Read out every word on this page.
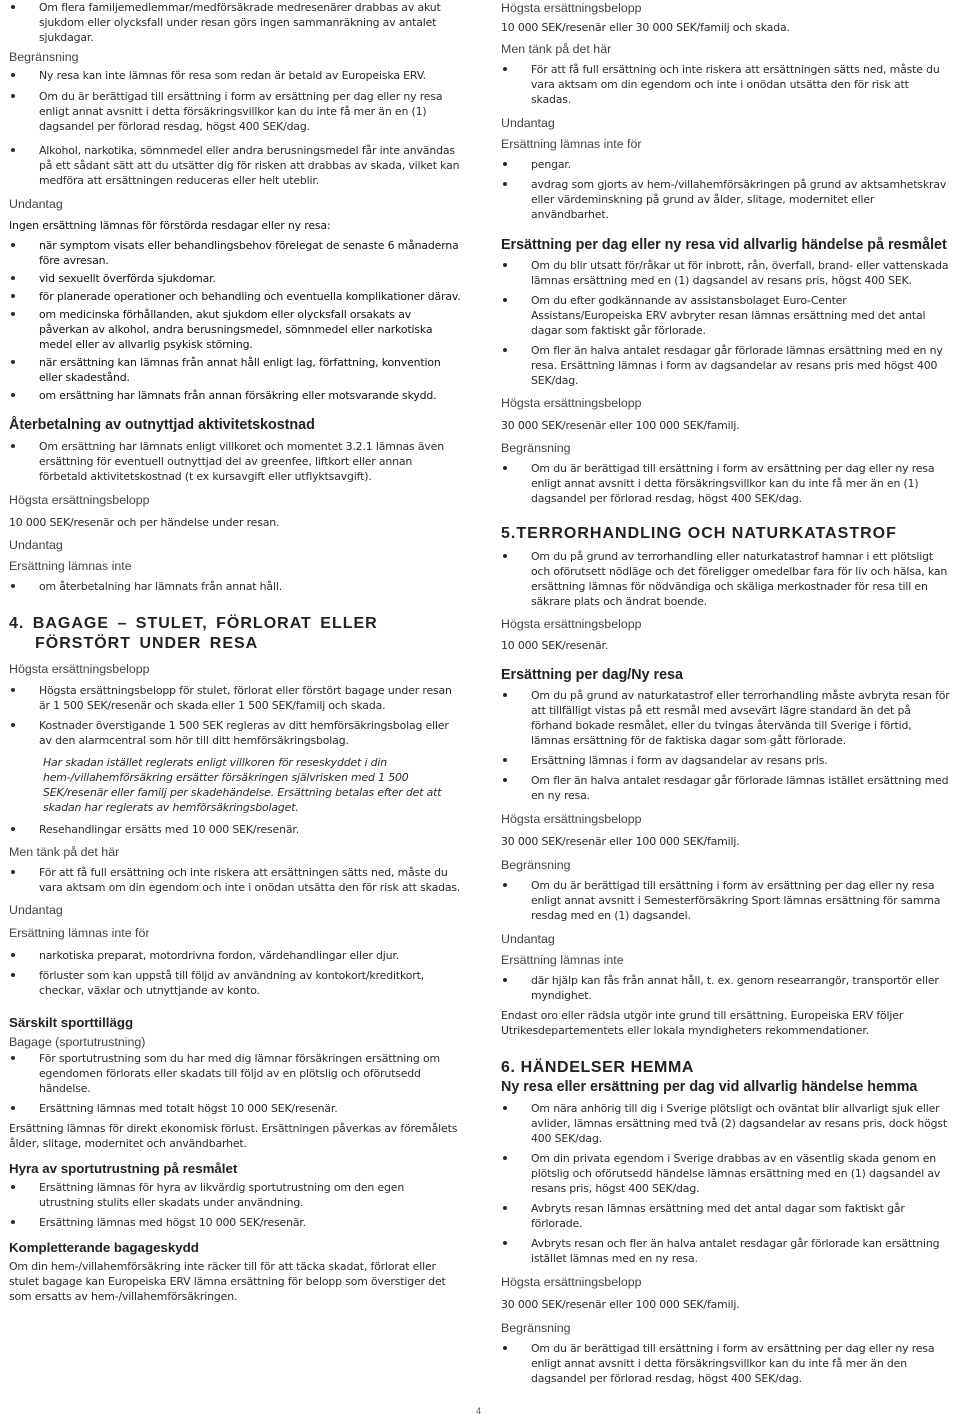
Om flera familjemedlemmar/medförsäkrade medresenärer drabbas av akut sjukdom eller olycksfall under resan görs ingen sammanräkning av antalet sjukdagar.

Begränsning

Ny resa kan inte lämnas för resa som redan är betald av Europeiska ERV.
Om du är berättigad till ersättning i form av ersättning per dag eller ny resa enligt annat avsnitt i detta försäkringsvillkor kan du inte få mer än en (1) dagsandel per förlorad resdag, högst 400 SEK/dag.
Alkohol, narkotika, sömnmedel eller andra berusningsmedel får inte användas på ett sådant sätt att du utsätter dig för risken att drabbas av skada, vilket kan medföra att ersättningen reduceras eller helt uteblir.

Undantag

Ingen ersättning lämnas för förstörda resdagar eller ny resa:

när symptom visats eller behandlingsbehov förelegat de senaste 6 månaderna före avresan.
vid sexuellt överförda sjukdomar.
för planerade operationer och behandling och eventuella komplikationer därav.
om medicinska förhållanden, akut sjukdom eller olycksfall orsakats av påverkan av alkohol, andra berusningsmedel, sömnmedel eller narkotiska medel eller av allvarlig psykisk störning.
när ersättning kan lämnas från annat håll enligt lag, författning, konvention eller skadestånd.
om ersättning har lämnats från annan försäkring eller motsvarande skydd.

Återbetalning av outnyttjad aktivitetskostnad

Om ersättning har lämnats enligt villkoret och momentet 3.2.1 lämnas även ersättning för eventuell outnyttjad del av greenfee, liftkort eller annan förbetald aktivitetskostnad (t ex kursavgift eller utflyktsavgift).

Högsta ersättningsbelopp

10 000 SEK/resenär och per händelse under resan.

Undantag

Ersättning lämnas inte

om återbetalning har lämnats från annat håll.

4. BAGAGE – STULET, FÖRLORAT ELLER FÖRSTÖRT UNDER RESA

Högsta ersättningsbelopp

Högsta ersättningsbelopp för stulet, förlorat eller förstört bagage under resan är 1 500 SEK/resenär och skada eller 1 500 SEK/familj och skada.
Kostnader överstigande 1 500 SEK regleras av ditt hemförsäkringsbolag eller av den alarmcentral som hör till ditt hemförsäkringsbolag.

Har skadan istället reglerats enligt villkoren för reseskyddet i din hem-/villahemförsäkring ersätter försäkringen självrisken med 1 500 SEK/resenär eller familj per skadehändelse. Ersättning betalas efter det att skadan har reglerats av hemförsäkringsbolaget.

Resehandlingar ersätts med 10 000 SEK/resenär.

Men tänk på det här

För att få full ersättning och inte riskera att ersättningen sätts ned, måste du vara aktsam om din egendom och inte i onödan utsätta den för risk att skadas.

Undantag

Ersättning lämnas inte för

narkotiska preparat, motordrivna fordon, värdehandlingar eller djur.
förluster som kan uppstå till följd av användning av kontokort/kreditkort, checkar, växlar och utnyttjande av konto.

Särskilt sporttillägg

Bagage (sportutrustning)

För sportutrustning som du har med dig lämnar försäkringen ersättning om egendomen förlorats eller skadats till följd av en plötslig och oförutsedd händelse.
Ersättning lämnas med totalt högst 10 000 SEK/resenär.

Ersättning lämnas för direkt ekonomisk förlust. Ersättningen påverkas av föremålets ålder, slitage, modernitet och användbarhet.

Hyra av sportutrustning på resmålet

Ersättning lämnas för hyra av likvärdig sportutrustning om den egen utrustning stulits eller skadats under användning.
Ersättning lämnas med högst 10 000 SEK/resenär.

Kompletterande bagageskydd

Om din hem-/villahemförsäkring inte räcker till för att täcka skadat, förlorat eller stulet bagage kan Europeiska ERV lämna ersättning för belopp som överstiger det som ersatts av hem-/villahemförsäkringen.

Högsta ersättningsbelopp

10 000 SEK/resenär eller 30 000 SEK/familj och skada.

Men tänk på det här

För att få full ersättning och inte riskera att ersättningen sätts ned, måste du vara aktsam om din egendom och inte i onödan utsätta den för risk att skadas.

Undantag

Ersättning lämnas inte för

pengar.
avdrag som gjorts av hem-/villahemförsäkringen på grund av aktsamhetskrav eller värdeminskning på grund av ålder, slitage, modernitet eller användbarhet.

Ersättning per dag eller ny resa vid allvarlig händelse på resmålet

Om du blir utsatt för/råkar ut för inbrott, rån, överfall, brand- eller vattenskada lämnas ersättning med en (1) dagsandel av resans pris, högst 400 SEK.
Om du efter godkännande av assistansbolaget Euro-Center Assistans/Europeiska ERV avbryter resan lämnas ersättning med det antal dagar som faktiskt går förlorade.
Om fler än halva antalet resdagar går förlorade lämnas ersättning med en ny resa. Ersättning lämnas i form av dagsandelar av resans pris med högst 400 SEK/dag.

Högsta ersättningsbelopp

30 000 SEK/resenär eller 100 000 SEK/familj.

Begränsning

Om du är berättigad till ersättning i form av ersättning per dag eller ny resa enligt annat avsnitt i detta försäkringsvillkor kan du inte få mer än en (1) dagsandel per förlorad resdag, högst 400 SEK/dag.

5.TERRORHANDLING OCH NATURKATASTROF

Om du på grund av terrorhandling eller naturkatastrof hamnar i ett plötsligt och oförutsett nödläge och det föreligger omedelbar fara för liv och hälsa, kan ersättning lämnas för nödvändiga och skäliga merkostnader för resa till en säkrare plats och ändrat boende.

Högsta ersättningsbelopp

10 000 SEK/resenär.

Ersättning per dag/Ny resa

Om du på grund av naturkatastrof eller terrorhandling måste avbryta resan för att tillfälligt vistas på ett resmål med avsevärt lägre standard än det på förhand bokade resmålet, eller du tvingas återvända till Sverige i förtid, lämnas ersättning för de faktiska dagar som gått förlorade.
Ersättning lämnas i form av dagsandelar av resans pris.
Om fler än halva antalet resdagar går förlorade lämnas istället ersättning med en ny resa.

Högsta ersättningsbelopp

30 000 SEK/resenär eller 100 000 SEK/familj.

Begränsning

Om du är berättigad till ersättning i form av ersättning per dag eller ny resa enligt annat avsnitt i Semesterförsäkring Sport lämnas ersättning för samma resdag med en (1) dagsandel.

Undantag

Ersättning lämnas inte

där hjälp kan fås från annat håll, t. ex. genom researrangör, transportör eller myndighet.

Endast oro eller rädsla utgör inte grund till ersättning. Europeiska ERV följer Utrikesdepartementets eller lokala myndigheters rekommendationer.

6. HÄNDELSER HEMMA

Ny resa eller ersättning per dag vid allvarlig händelse hemma

Om nära anhörig till dig i Sverige plötsligt och oväntat blir allvarligt sjuk eller avlider, lämnas ersättning med två (2) dagsandelar av resans pris, dock högst 400 SEK/dag.
Om din privata egendom i Sverige drabbas av en väsentlig skada genom en plötslig och oförutsedd händelse lämnas ersättning med en (1) dagsandel av resans pris, högst 400 SEK/dag.
Avbryts resan lämnas ersättning med det antal dagar som faktiskt går förlorade.
Avbryts resan och fler än halva antalet resdagar går förlorade kan ersättning istället lämnas med en ny resa.

Högsta ersättningsbelopp

30 000 SEK/resenär eller 100 000 SEK/familj.

Begränsning

Om du är berättigad till ersättning i form av ersättning per dag eller ny resa enligt annat avsnitt i detta försäkringsvillkor kan du inte få mer än den dagsandel per förlorad resdag, högst 400 SEK/dag.
4
